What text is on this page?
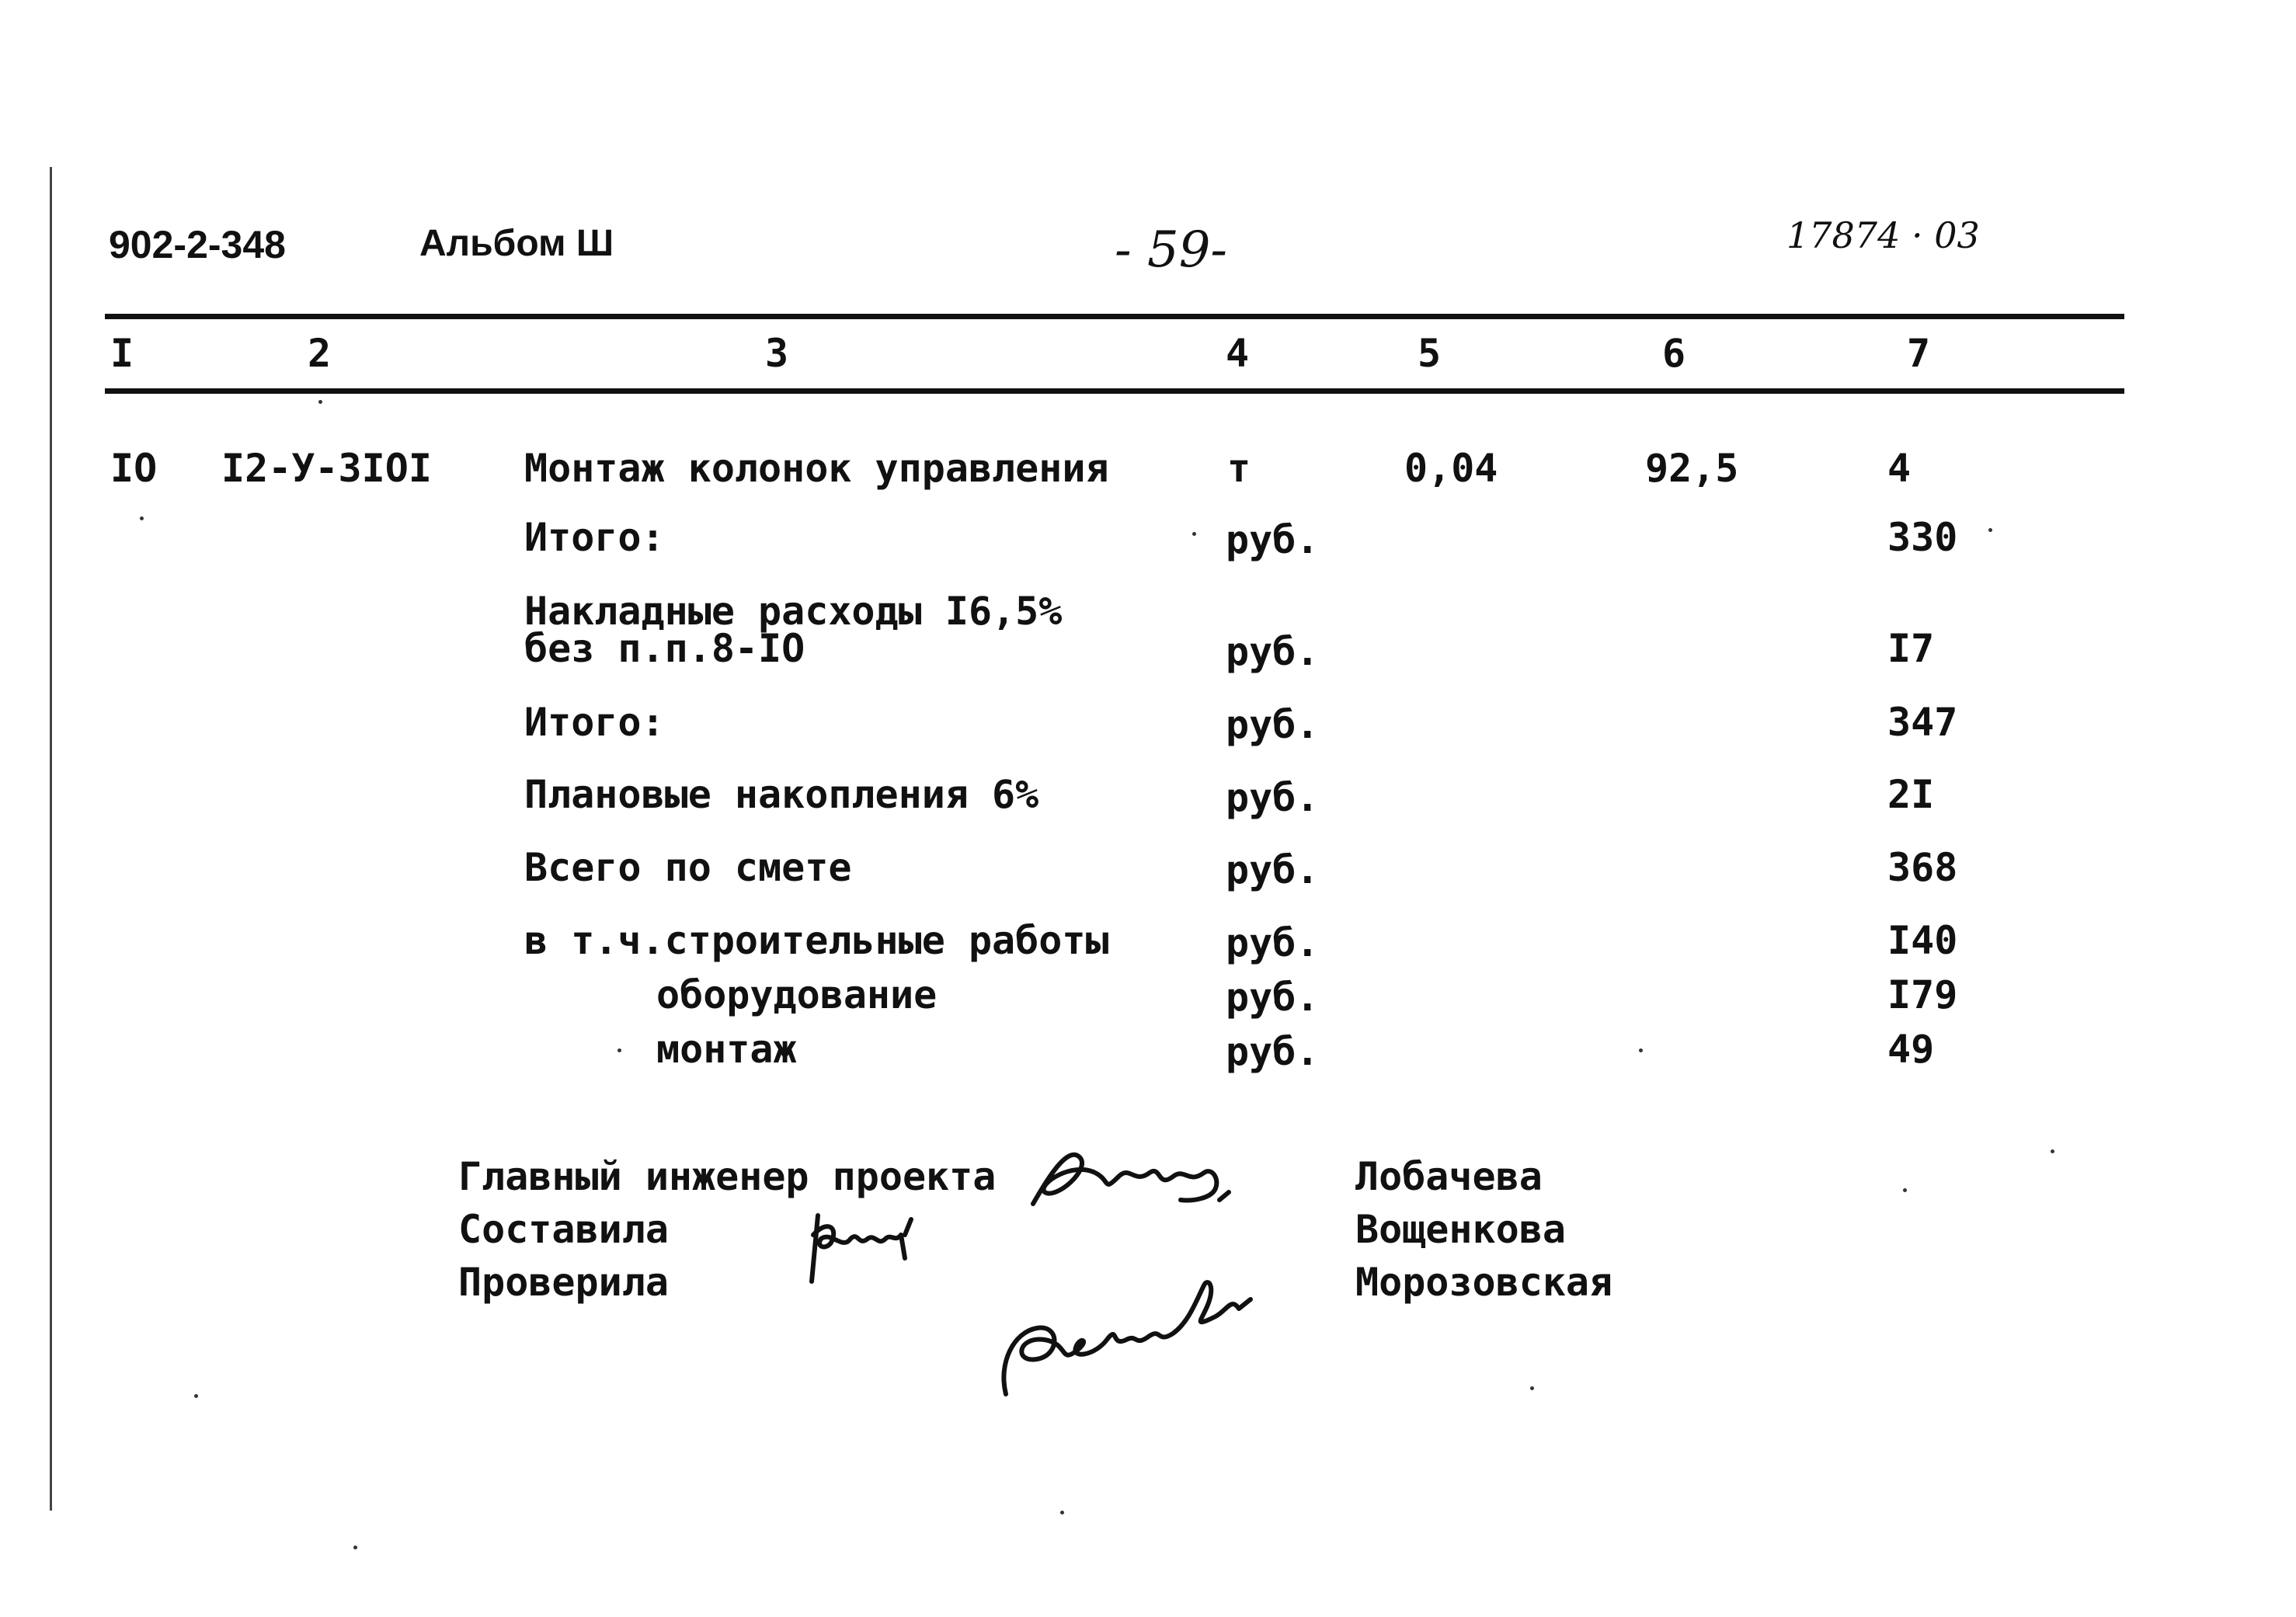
902-2-348	Альбом Ш	- 59-	17874 · 03
I	2	3	4	5	6	7
IO I2-У-3IOI Монтаж колонок управления	т	0,04	92,5	4
Итого:	руб.	330
Накладные расходы I6,5%
без п.п.8-IO	руб.	I7
Итого:	руб.	347
Плановые накопления 6%	руб.	2I
Всего по смете	руб.	368
в т.ч.строительные работы	руб.	I40
оборудование	руб.	I79
монтаж	руб.	49
Главный инженер проекта	Лобачева
Составила	Вощенкова
Проверила	Морозовская
